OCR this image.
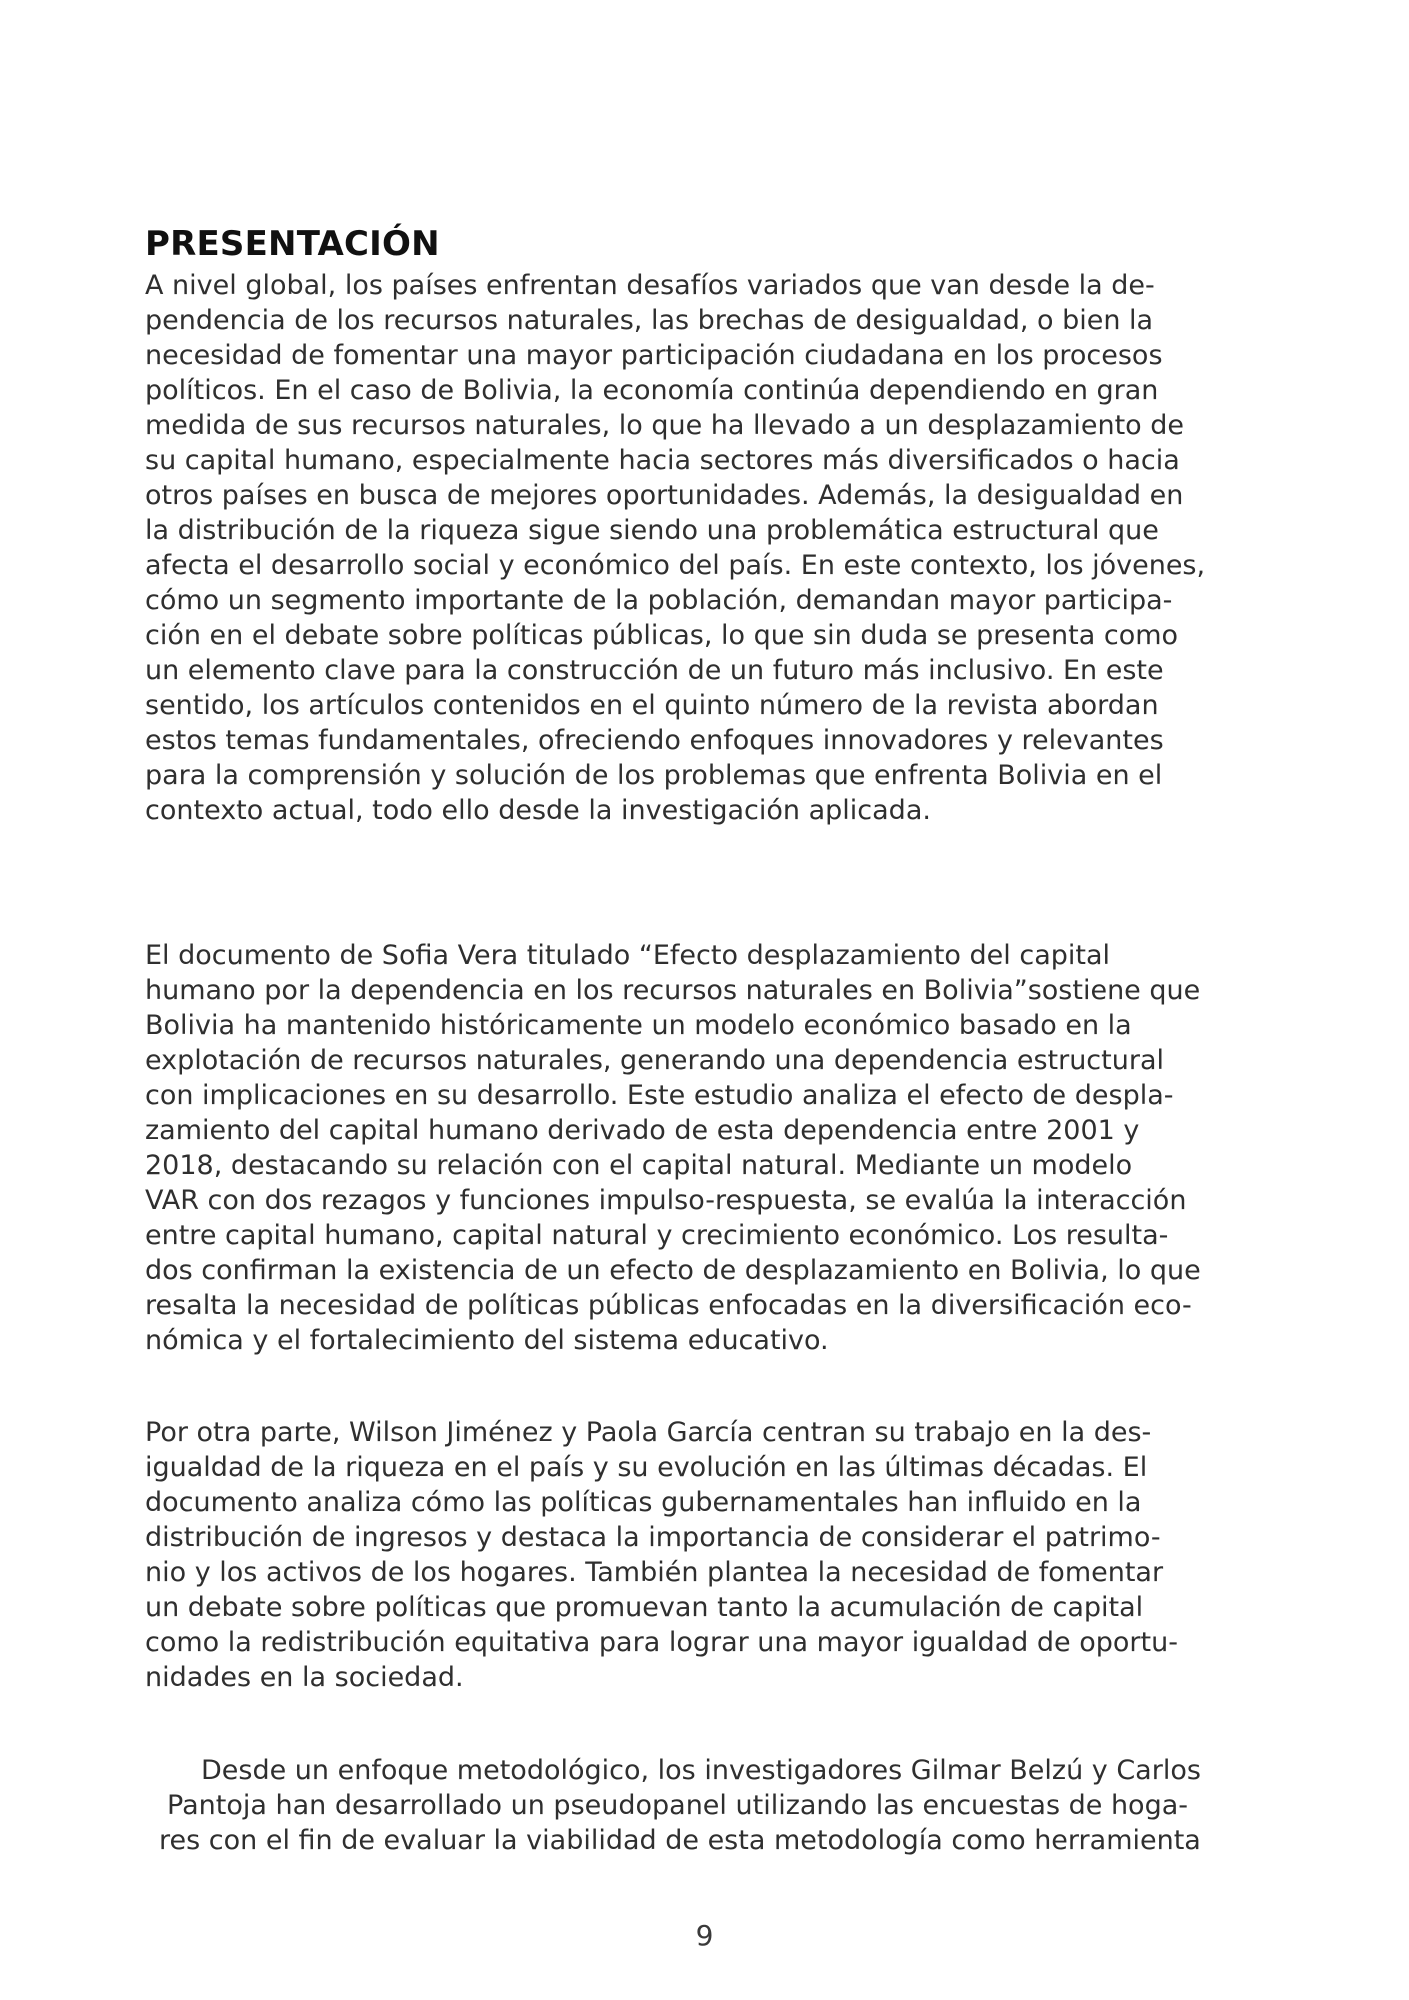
PRESENTACIÓN

A nivel global, los países enfrentan desafíos variados que van desde la de-
pendencia de los recursos naturales, las brechas de desigualdad, o bien la
necesidad de fomentar una mayor participación ciudadana en los procesos
políticos. En el caso de Bolivia, la economía continúa dependiendo en gran
medida de sus recursos naturales, lo que ha llevado a un desplazamiento de
su capital humano, especialmente hacia sectores más diversificados o hacia
otros países en busca de mejores oportunidades. Además, la desigualdad en
la distribución de la riqueza sigue siendo una problemática estructural que
afecta el desarrollo social y económico del país. En este contexto, los jóvenes,
cómo un segmento importante de la población, demandan mayor participa-
ción en el debate sobre políticas públicas, lo que sin duda se presenta como
un elemento clave para la construcción de un futuro más inclusivo. En este
sentido, los artículos contenidos en el quinto número de la revista abordan
estos temas fundamentales, ofreciendo enfoques innovadores y relevantes
para la comprensión y solución de los problemas que enfrenta Bolivia en el
contexto actual, todo ello desde la investigación aplicada.

El documento de Sofia Vera titulado “Efecto desplazamiento del capital
humano por la dependencia en los recursos naturales en Bolivia”sostiene que
Bolivia ha mantenido históricamente un modelo económico basado en la
explotación de recursos naturales, generando una dependencia estructural
con implicaciones en su desarrollo. Este estudio analiza el efecto de despla-
zamiento del capital humano derivado de esta dependencia entre 2001 y
2018, destacando su relación con el capital natural. Mediante un modelo
VAR con dos rezagos y funciones impulso-respuesta, se evalúa la interacción
entre capital humano, capital natural y crecimiento económico. Los resulta-
dos confirman la existencia de un efecto de desplazamiento en Bolivia, lo que
resalta la necesidad de políticas públicas enfocadas en la diversificación eco-
nómica y el fortalecimiento del sistema educativo.

Por otra parte, Wilson Jiménez y Paola García centran su trabajo en la des-
igualdad de la riqueza en el país y su evolución en las últimas décadas. El
documento analiza cómo las políticas gubernamentales han influido en la
distribución de ingresos y destaca la importancia de considerar el patrimo-
nio y los activos de los hogares. También plantea la necesidad de fomentar
un debate sobre políticas que promuevan tanto la acumulación de capital
como la redistribución equitativa para lograr una mayor igualdad de oportu-
nidades en la sociedad.

Desde un enfoque metodológico, los investigadores Gilmar Belzú y Carlos
Pantoja han desarrollado un pseudopanel utilizando las encuestas de hoga-
res con el fin de evaluar la viabilidad de esta metodología como herramienta

9
